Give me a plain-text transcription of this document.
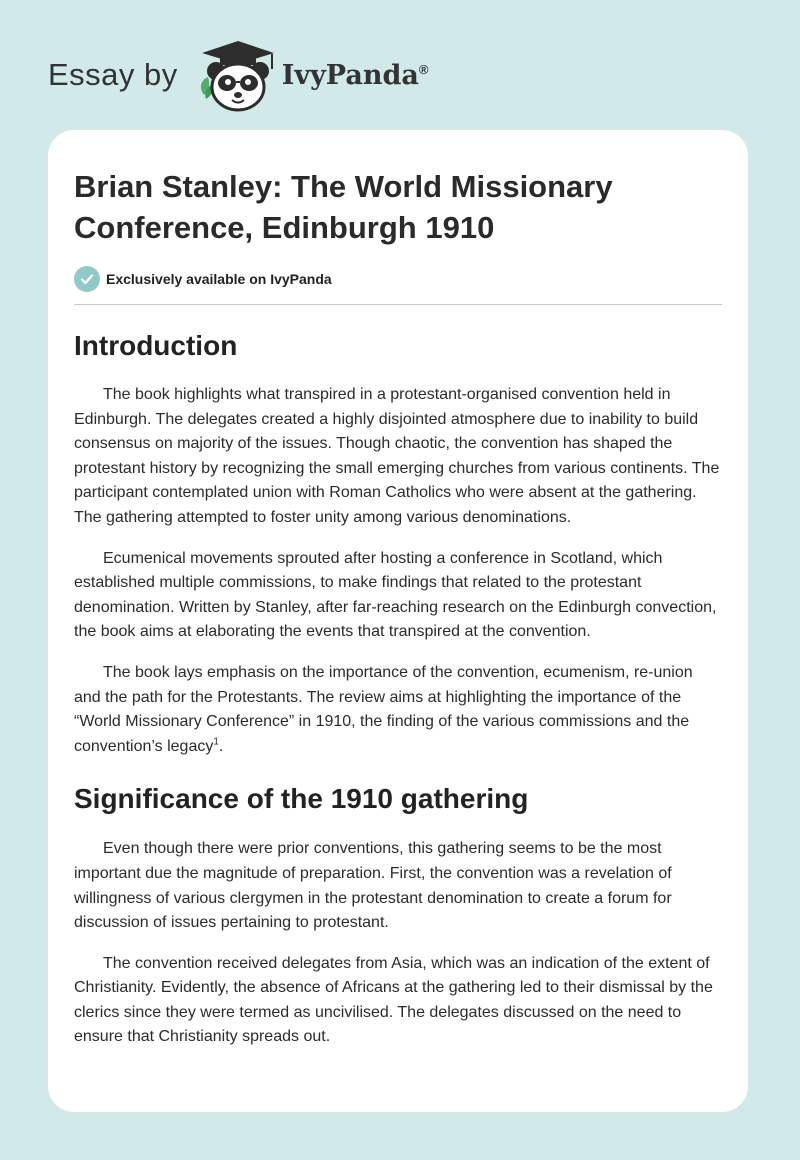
Essay by	IvyPanda®
Brian Stanley: The World Missionary Conference, Edinburgh 1910
Exclusively available on IvyPanda
Introduction

The book highlights what transpired in a protestant-organised convention held in Edinburgh. The delegates created a highly disjointed atmosphere due to inability to build consensus on majority of the issues. Though chaotic, the convention has shaped the protestant history by recognizing the small emerging churches from various continents. The participant contemplated union with Roman Catholics who were absent at the gathering. The gathering attempted to foster unity among various denominations.

Ecumenical movements sprouted after hosting a conference in Scotland, which established multiple commissions, to make findings that related to the protestant denomination. Written by Stanley, after far-reaching research on the Edinburgh convection, the book aims at elaborating the events that transpired at the convention.

The book lays emphasis on the importance of the convention, ecumenism, re-union and the path for the Protestants. The review aims at highlighting the importance of the “World Missionary Conference” in 1910, the finding of the various commissions and the convention’s legacy$^1$.

Significance of the 1910 gathering

Even though there were prior conventions, this gathering seems to be the most important due the magnitude of preparation. First, the convention was a revelation of willingness of various clergymen in the protestant denomination to create a forum for discussion of issues pertaining to protestant.

The convention received delegates from Asia, which was an indication of the extent of Christianity. Evidently, the absence of Africans at the gathering led to their dismissal by the clerics since they were termed as uncivilised. The delegates discussed on the need to ensure that Christianity spreads out.
